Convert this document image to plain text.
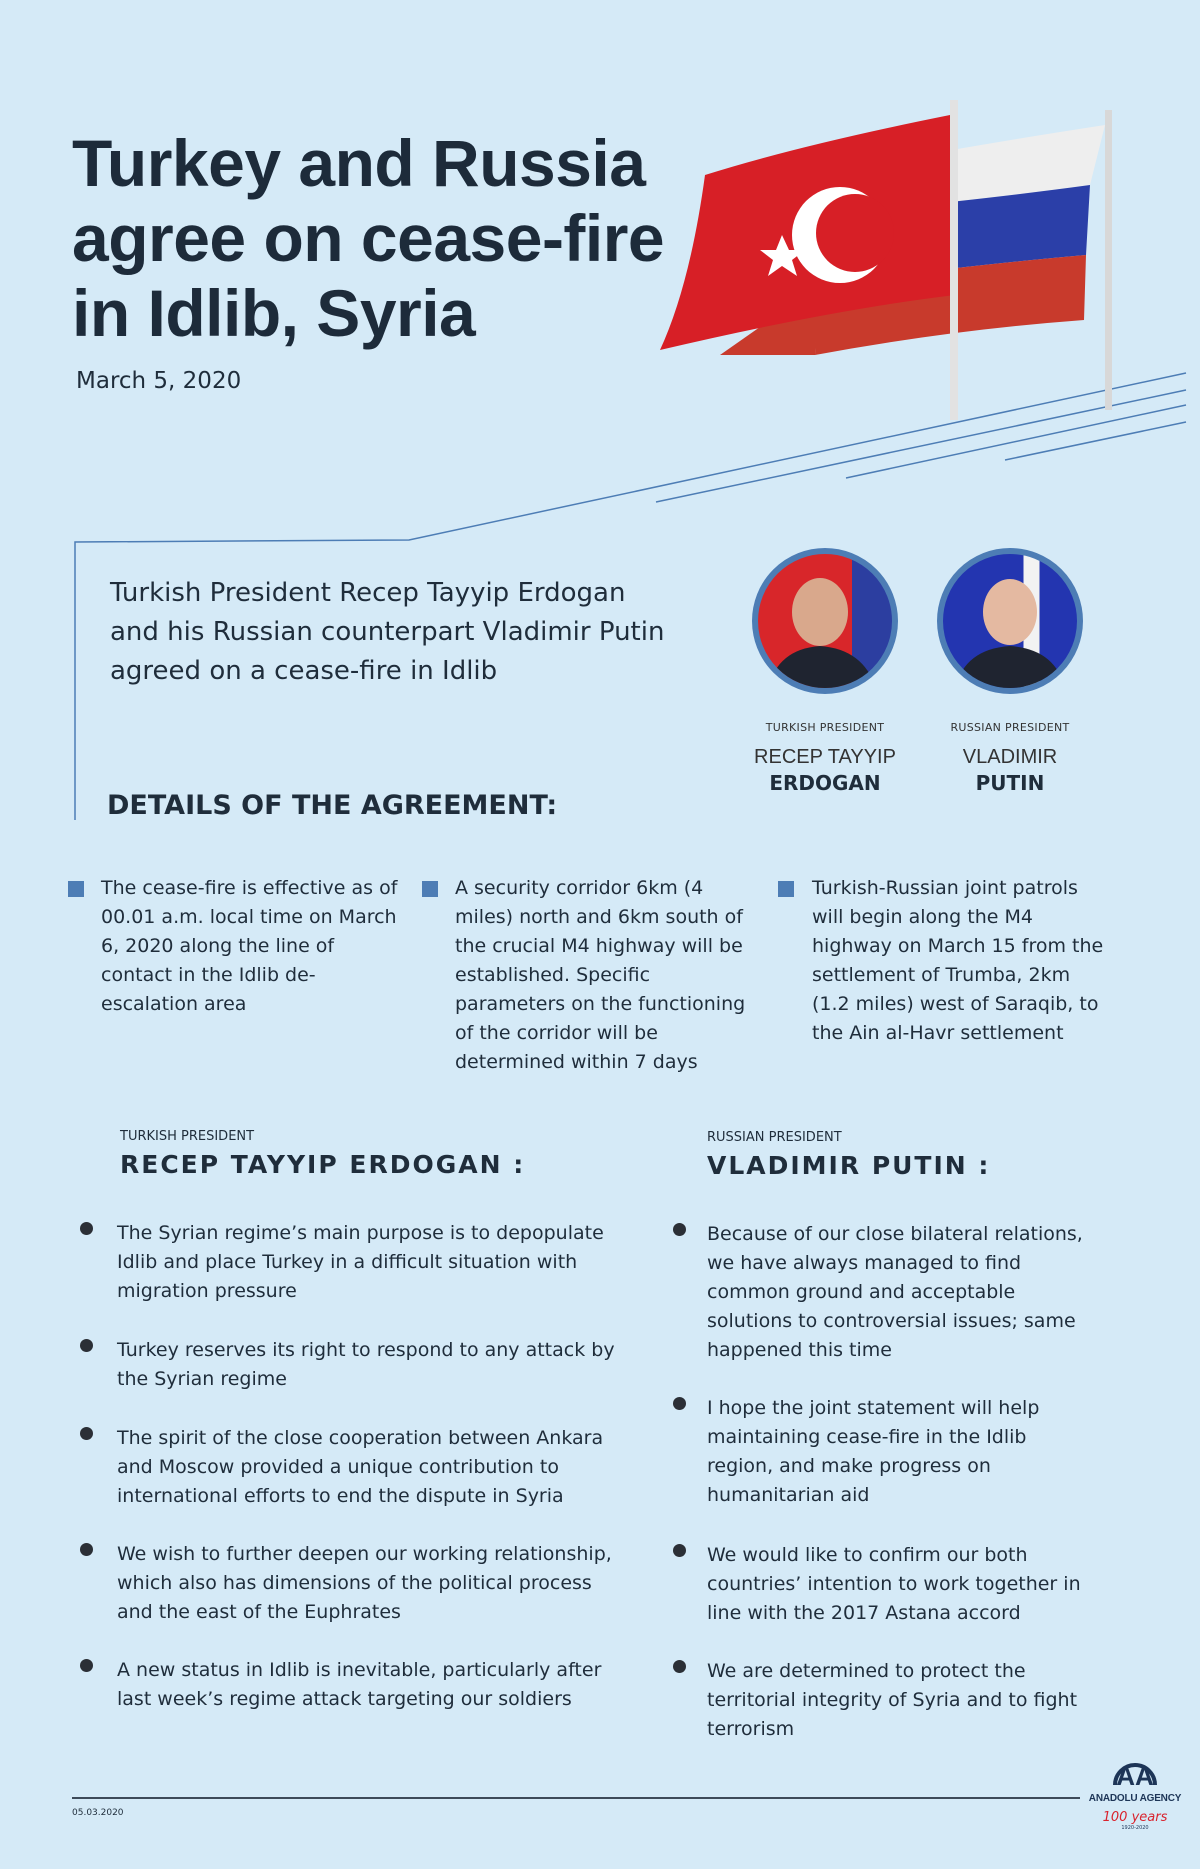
Turkey and Russia agree on cease-fire in Idlib, Syria
March 5, 2020
Turkish President Recep Tayyip Erdogan and his Russian counterpart Vladimir Putin agreed on a cease-fire in Idlib
TURKISH PRESIDENT
RECEP TAYYIP
ERDOGAN
RUSSIAN PRESIDENT
VLADIMIR
PUTIN
DETAILS OF THE AGREEMENT:
The cease-fire is effective as of 00.01 a.m. local time on March 6, 2020 along the line of contact in the Idlib de-escalation area
A security corridor 6km (4 miles) north and 6km south of the crucial M4 highway will be established. Specific parameters on the functioning of the corridor will be determined within 7 days
Turkish-Russian joint patrols will begin along the M4 highway on March 15 from the settlement of Trumba, 2km (1.2 miles) west of Saraqib, to the Ain al-Havr settlement
TURKISH PRESIDENT
RECEP TAYYIP ERDOGAN :
RUSSIAN PRESIDENT
VLADIMIR PUTIN :
The Syrian regime’s main purpose is to depopulate Idlib and place Turkey in a difficult situation with migration pressure
Turkey reserves its right to respond to any attack by the Syrian regime
The spirit of the close cooperation between Ankara and Moscow provided a unique contribution to international efforts to end the dispute in Syria
We wish to further deepen our working relationship, which also has dimensions of the political process and the east of the Euphrates
A new status in Idlib is inevitable, particularly after last week’s regime attack targeting our soldiers
Because of our close bilateral relations, we have always managed to find common ground and acceptable solutions to controversial issues; same happened this time
I hope the joint statement will help maintaining cease-fire in the Idlib region, and make progress on humanitarian aid
We would like to confirm our both countries’ intention to work together in line with the 2017 Astana accord
We are determined to protect the territorial integrity of Syria and to fight terrorism
05.03.2020
AA
ANADOLU AGENCY
100 years
1920-2020
